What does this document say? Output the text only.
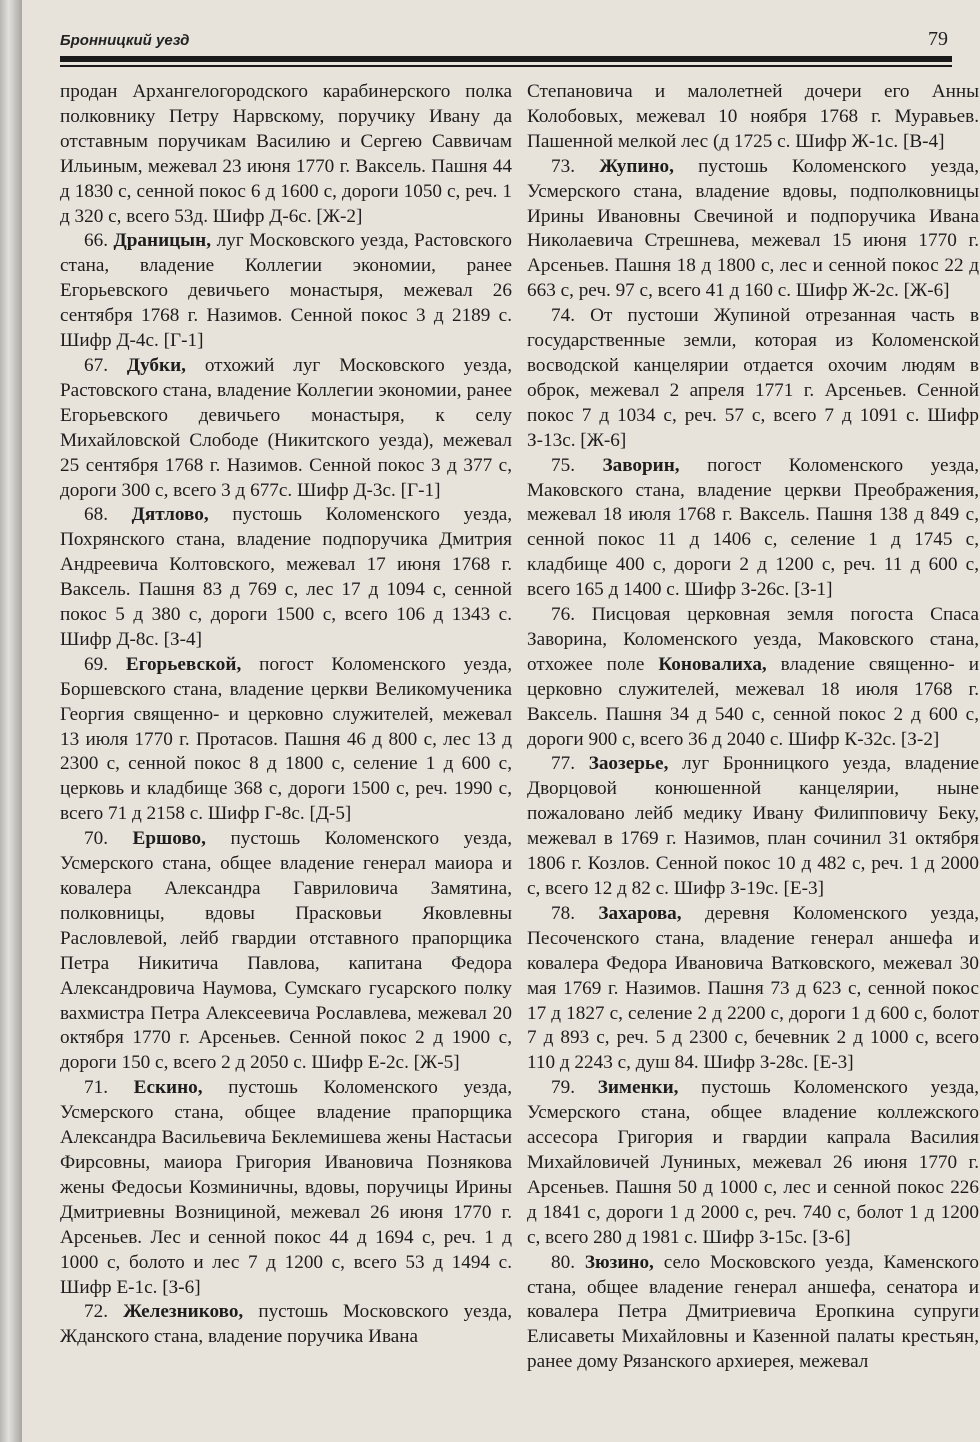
Бронницкий уезд	79

продан Архангелогородского карабинерского полка полковнику Петру Нарвскому, поручику Ивану да отставным поручикам Василию и Сергею Саввичам Ильиным, межевал 23 июня 1770 г. Ваксель. Пашня 44 д 1830 с, сенной покос 6 д 1600 с, дороги 1050 с, реч. 1 д 320 с, всего 53д. Шифр Д-6с. [Ж-2]

66. Драницын, луг Московского уезда, Растовского стана, владение Коллегии экономии, ранее Егорьевского девичьего монастыря, межевал 26 сентября 1768 г. Назимов. Сенной покос 3 д 2189 с. Шифр Д-4с. [Г-1]

67. Дубки, отхожий луг Московского уезда, Растовского стана, владение Коллегии экономии, ранее Егорьевского девичьего монастыря, к селу Михайловской Слободе (Никитского уезда), межевал 25 сентября 1768 г. Назимов. Сенной покос 3 д 377 с, дороги 300 с, всего 3 д 677с. Шифр Д-3с. [Г-1]

68. Дятлово, пустошь Коломенского уезда, Похрянского стана, владение подпоручика Дмитрия Андреевича Колтовского, межевал 17 июня 1768 г. Ваксель. Пашня 83 д 769 с, лес 17 д 1094 с, сенной покос 5 д 380 с, дороги 1500 с, всего 106 д 1343 с. Шифр Д-8с. [З-4]

69. Егорьевской, погост Коломенского уезда, Боршевского стана, владение церкви Великомученика Георгия священно- и церковно служителей, межевал 13 июля 1770 г. Протасов. Пашня 46 д 800 с, лес 13 д 2300 с, сенной покос 8 д 1800 с, селение 1 д 600 с, церковь и кладбище 368 с, дороги 1500 с, реч. 1990 с, всего 71 д 2158 с. Шифр Г-8с. [Д-5]

70. Ершово, пустошь Коломенского уезда, Усмерского стана, общее владение генерал маиора и ковалера Александра Гавриловича Замятина, полковницы, вдовы Прасковьи Яковлевны Расловлевой, лейб гвардии отставного прапорщика Петра Никитича Павлова, капитана Федора Александровича Наумова, Сумскаго гусарского полку вахмистра Петра Алексеевича Рославлева, межевал 20 октября 1770 г. Арсеньев. Сенной покос 2 д 1900 с, дороги 150 с, всего 2 д 2050 с. Шифр Е-2с. [Ж-5]

71. Ескино, пустошь Коломенского уезда, Усмерского стана, общее владение прапорщика Александра Васильевича Беклемишева жены Настасьи Фирсовны, маиора Григория Ивановича Познякова жены Федосьи Козминичны, вдовы, поручицы Ирины Дмитриевны Вознициной, межевал 26 июня 1770 г. Арсеньев. Лес и сенной покос 44 д 1694 с, реч. 1 д 1000 с, болото и лес 7 д 1200 с, всего 53 д 1494 с. Шифр Е-1с. [З-6]

72. Железниково, пустошь Московского уезда, Жданского стана, владение поручика Ивана

Степановича и малолетней дочери его Анны Колобовых, межевал 10 ноября 1768 г. Муравьев. Пашенной мелкой лес (д 1725 с. Шифр Ж-1с. [В-4]

73. Жупино, пустошь Коломенского уезда, Усмерского стана, владение вдовы, подполковницы Ирины Ивановны Свечиной и подпоручика Ивана Николаевича Стрешнева, межевал 15 июня 1770 г. Арсеньев. Пашня 18 д 1800 с, лес и сенной покос 22 д 663 с, реч. 97 с, всего 41 д 160 с. Шифр Ж-2с. [Ж-6]

74. От пустоши Жупиной отрезанная часть в государственные земли, которая из Коломенской восводской канцелярии отдается охочим людям в оброк, межевал 2 апреля 1771 г. Арсеньев. Сенной покос 7 д 1034 с, реч. 57 с, всего 7 д 1091 с. Шифр З-13с. [Ж-6]

75. Заворин, погост Коломенского уезда, Маковского стана, владение церкви Преображения, межевал 18 июля 1768 г. Ваксель. Пашня 138 д 849 с, сенной покос 11 д 1406 с, селение 1 д 1745 с, кладбище 400 с, дороги 2 д 1200 с, реч. 11 д 600 с, всего 165 д 1400 с. Шифр З-26с. [З-1]

76. Писцовая церковная земля погоста Спаса Заворина, Коломенского уезда, Маковского стана, отхожее поле Коновалиха, владение священно- и церковно служителей, межевал 18 июля 1768 г. Ваксель. Пашня 34 д 540 с, сенной покос 2 д 600 с, дороги 900 с, всего 36 д 2040 с. Шифр К-32с. [З-2]

77. Заозерье, луг Бронницкого уезда, владение Дворцовой конюшенной канцелярии, ныне пожаловано лейб медику Ивану Филипповичу Беку, межевал в 1769 г. Назимов, план сочинил 31 октября 1806 г. Козлов. Сенной покос 10 д 482 с, реч. 1 д 2000 с, всего 12 д 82 с. Шифр З-19с. [Е-3]

78. Захарова, деревня Коломенского уезда, Песоченского стана, владение генерал аншефа и ковалера Федора Ивановича Ватковского, межевал 30 мая 1769 г. Назимов. Пашня 73 д 623 с, сенной покос 17 д 1827 с, селение 2 д 2200 с, дороги 1 д 600 с, болот 7 д 893 с, реч. 5 д 2300 с, бечевник 2 д 1000 с, всего 110 д 2243 с, душ 84. Шифр З-28с. [Е-3]

79. Зименки, пустошь Коломенского уезда, Усмерского стана, общее владение коллежского ассесора Григория и гвардии капрала Василия Михайловичей Луниных, межевал 26 июня 1770 г. Арсеньев. Пашня 50 д 1000 с, лес и сенной покос 226 д 1841 с, дороги 1 д 2000 с, реч. 740 с, болот 1 д 1200 с, всего 280 д 1981 с. Шифр З-15с. [З-6]

80. Зюзино, село Московского уезда, Каменского стана, общее владение генерал аншефа, сенатора и ковалера Петра Дмитриевича Еропкина супруги Елисаветы Михайловны и Казенной палаты крестьян, ранее дому Рязанского архиерея, межевал
